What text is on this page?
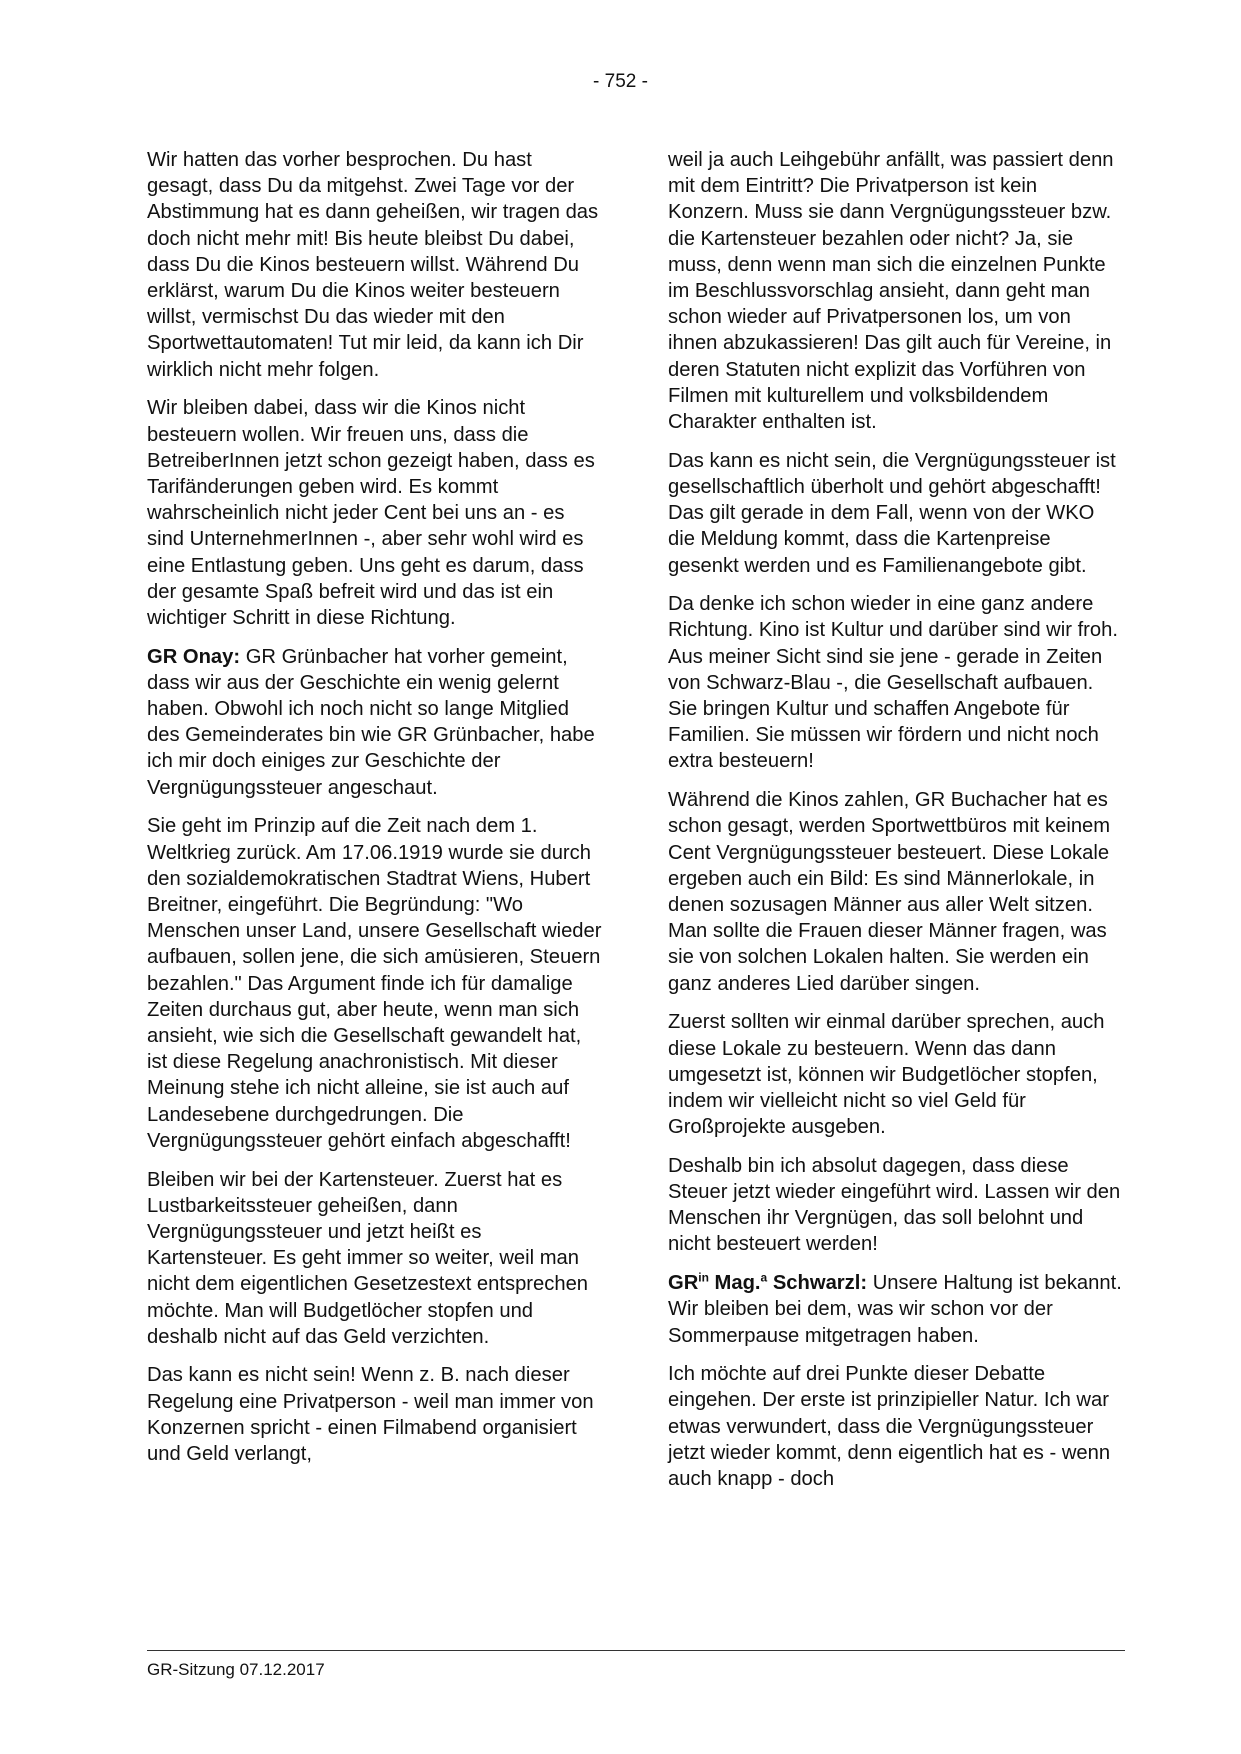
- 752 -

Wir hatten das vorher besprochen. Du hast gesagt, dass Du da mitgehst. Zwei Tage vor der Abstimmung hat es dann geheißen, wir tragen das doch nicht mehr mit! Bis heute bleibst Du dabei, dass Du die Kinos besteuern willst. Während Du erklärst, warum Du die Kinos weiter besteuern willst, vermischst Du das wieder mit den Sportwettautomaten! Tut mir leid, da kann ich Dir wirklich nicht mehr folgen.

Wir bleiben dabei, dass wir die Kinos nicht besteuern wollen. Wir freuen uns, dass die BetreiberInnen jetzt schon gezeigt haben, dass es Tarifänderungen geben wird. Es kommt wahrscheinlich nicht jeder Cent bei uns an - es sind UnternehmerInnen -, aber sehr wohl wird es eine Entlastung geben. Uns geht es darum, dass der gesamte Spaß befreit wird und das ist ein wichtiger Schritt in diese Richtung.

GR Onay: GR Grünbacher hat vorher gemeint, dass wir aus der Geschichte ein wenig gelernt haben. Obwohl ich noch nicht so lange Mitglied des Gemeinderates bin wie GR Grünbacher, habe ich mir doch einiges zur Geschichte der Vergnügungssteuer angeschaut.

Sie geht im Prinzip auf die Zeit nach dem 1. Weltkrieg zurück. Am 17.06.1919 wurde sie durch den sozialdemokratischen Stadtrat Wiens, Hubert Breitner, eingeführt. Die Begründung: "Wo Menschen unser Land, unsere Gesellschaft wieder aufbauen, sollen jene, die sich amüsieren, Steuern bezahlen." Das Argument finde ich für damalige Zeiten durchaus gut, aber heute, wenn man sich ansieht, wie sich die Gesellschaft gewandelt hat, ist diese Regelung anachronistisch. Mit dieser Meinung stehe ich nicht alleine, sie ist auch auf Landesebene durchgedrungen. Die Vergnügungssteuer gehört einfach abgeschafft!

Bleiben wir bei der Kartensteuer. Zuerst hat es Lustbarkeitssteuer geheißen, dann Vergnügungssteuer und jetzt heißt es Kartensteuer. Es geht immer so weiter, weil man nicht dem eigentlichen Gesetzestext entsprechen möchte. Man will Budgetlöcher stopfen und deshalb nicht auf das Geld verzichten.

Das kann es nicht sein! Wenn z. B. nach dieser Regelung eine Privatperson - weil man immer von Konzernen spricht - einen Filmabend organisiert und Geld verlangt,

weil ja auch Leihgebühr anfällt, was passiert denn mit dem Eintritt? Die Privatperson ist kein Konzern. Muss sie dann Vergnügungssteuer bzw. die Kartensteuer bezahlen oder nicht? Ja, sie muss, denn wenn man sich die einzelnen Punkte im Beschlussvorschlag ansieht, dann geht man schon wieder auf Privatpersonen los, um von ihnen abzukassieren! Das gilt auch für Vereine, in deren Statuten nicht explizit das Vorführen von Filmen mit kulturellem und volksbildendem Charakter enthalten ist.

Das kann es nicht sein, die Vergnügungssteuer ist gesellschaftlich überholt und gehört abgeschafft! Das gilt gerade in dem Fall, wenn von der WKO die Meldung kommt, dass die Kartenpreise gesenkt werden und es Familienangebote gibt.

Da denke ich schon wieder in eine ganz andere Richtung. Kino ist Kultur und darüber sind wir froh. Aus meiner Sicht sind sie jene - gerade in Zeiten von Schwarz-Blau -, die Gesellschaft aufbauen. Sie bringen Kultur und schaffen Angebote für Familien. Sie müssen wir fördern und nicht noch extra besteuern!

Während die Kinos zahlen, GR Buchacher hat es schon gesagt, werden Sportwettbüros mit keinem Cent Vergnügungssteuer besteuert. Diese Lokale ergeben auch ein Bild: Es sind Männerlokale, in denen sozusagen Männer aus aller Welt sitzen. Man sollte die Frauen dieser Männer fragen, was sie von solchen Lokalen halten. Sie werden ein ganz anderes Lied darüber singen.

Zuerst sollten wir einmal darüber sprechen, auch diese Lokale zu besteuern. Wenn das dann umgesetzt ist, können wir Budgetlöcher stopfen, indem wir vielleicht nicht so viel Geld für Großprojekte ausgeben.

Deshalb bin ich absolut dagegen, dass diese Steuer jetzt wieder eingeführt wird. Lassen wir den Menschen ihr Vergnügen, das soll belohnt und nicht besteuert werden!

$GR^{in}$ Mag.$^a$ Schwarzl: Unsere Haltung ist bekannt. Wir bleiben bei dem, was wir schon vor der Sommerpause mitgetragen haben.

Ich möchte auf drei Punkte dieser Debatte eingehen. Der erste ist prinzipieller Natur. Ich war etwas verwundert, dass die Vergnügungssteuer jetzt wieder kommt, denn eigentlich hat es - wenn auch knapp - doch

GR-Sitzung 07.12.2017
